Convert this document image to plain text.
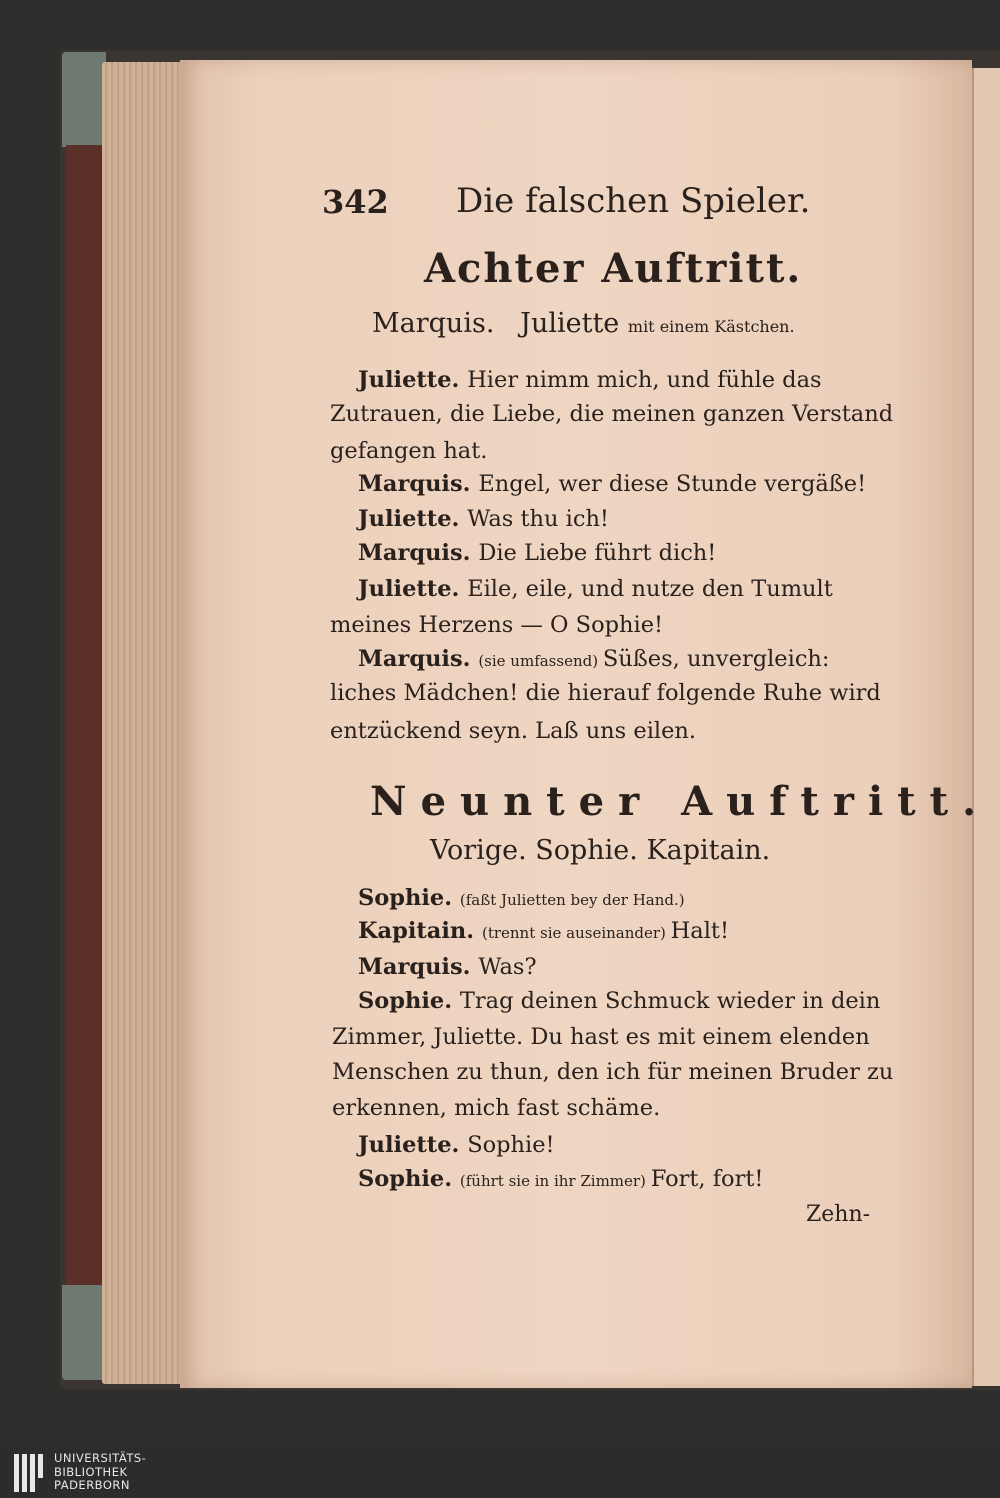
342 Die falschen Spieler.
Achter Auftritt.
Marquis.   Juliette mit einem Kästchen.
Juliette. Hier nimm mich, und fühle das
Zutrauen, die Liebe, die meinen ganzen Verstand
gefangen hat.
Marquis. Engel, wer diese Stunde vergäße!
Juliette. Was thu ich!
Marquis. Die Liebe führt dich!
Juliette. Eile, eile, und nutze den Tumult
meines Herzens — O Sophie!
Marquis. (sie umfassend) Süßes, unvergleich:
liches Mädchen! die hierauf folgende Ruhe wird
entzückend seyn. Laß uns eilen.
Neunter Auftritt.
Vorige. Sophie. Kapitain.
Sophie. (faßt Julietten bey der Hand.)
Kapitain. (trennt sie auseinander) Halt!
Marquis. Was?
Sophie. Trag deinen Schmuck wieder in dein
Zimmer, Juliette. Du hast es mit einem elenden
Menschen zu thun, den ich für meinen Bruder zu
erkennen, mich fast schäme.
Juliette. Sophie!
Sophie. (führt sie in ihr Zimmer) Fort, fort!
Zehn-
UNIVERSITÄTS-
BIBLIOTHEK
PADERBORN
